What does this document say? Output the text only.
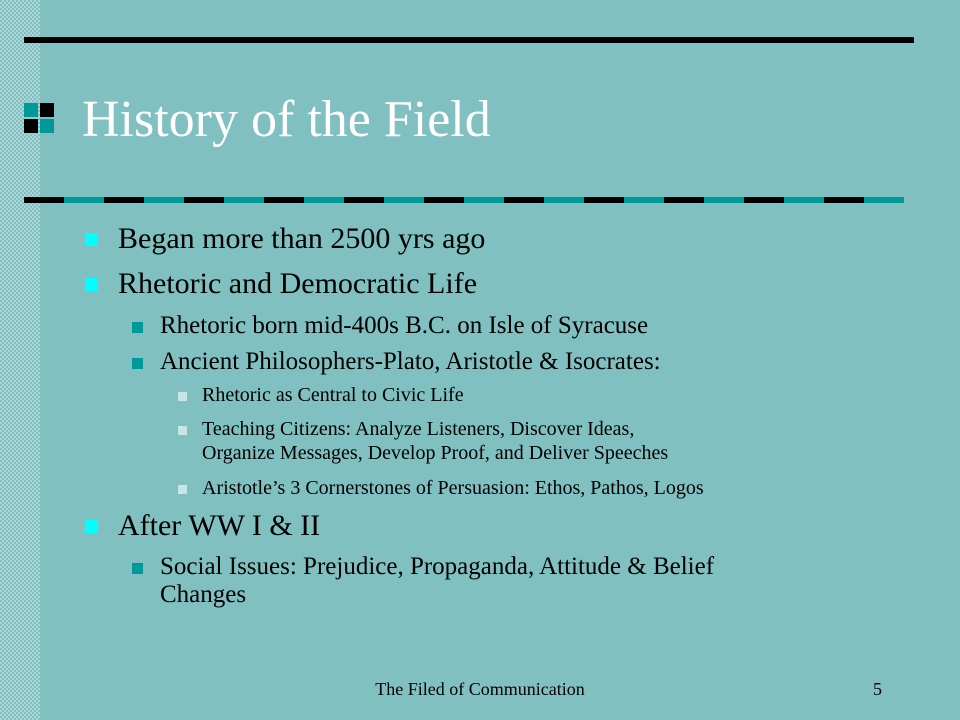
History of the Field
Began more than 2500 yrs ago
Rhetoric and Democratic Life
Rhetoric born mid-400s B.C. on Isle of Syracuse
Ancient Philosophers-Plato, Aristotle & Isocrates:
Rhetoric as Central to Civic Life
Teaching Citizens: Analyze Listeners, Discover Ideas,
Organize Messages, Develop Proof, and Deliver Speeches
Aristotle’s 3 Cornerstones of Persuasion: Ethos, Pathos, Logos
After WW I & II
Social Issues: Prejudice, Propaganda, Attitude & Belief
Changes
The Filed of Communication	5
